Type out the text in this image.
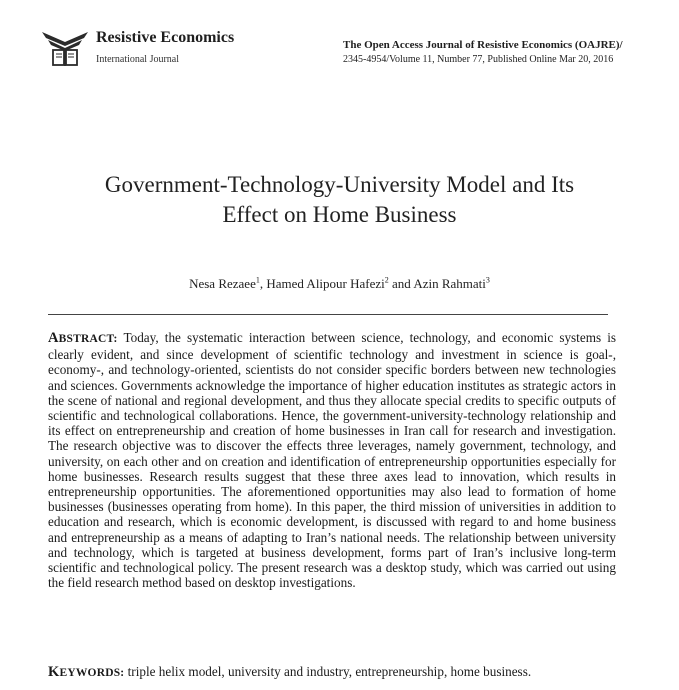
Resistive Economics
International Journal
The Open Access Journal of Resistive Economics (OAJRE)/
2345-4954/Volume 11, Number 77, Published Online Mar 20, 2016
Government-Technology-University Model and Its
Effect on Home Business
Nesa Rezaee$^1$, Hamed Alipour Hafezi$^2$ and Azin Rahmati$^3$
ABSTRACT: Today, the systematic interaction between science, technology, and economic systems is clearly evident, and since development of scientific technology and investment in science is goal-, economy-, and technology-oriented, scientists do not consider specific borders between new technologies and sciences. Governments acknowledge the importance of higher education institutes as strategic actors in the scene of national and regional development, and thus they allocate special credits to specific outputs of scientific and technological collaborations. Hence, the government-university-technology relationship and its effect on entrepreneurship and creation of home businesses in Iran call for research and investigation. The research objective was to discover the effects three leverages, namely government, technology, and university, on each other and on creation and identification of entrepreneurship opportunities especially for home businesses. Research results suggest that these three axes lead to innovation, which results in entrepreneurship opportunities. The aforementioned opportunities may also lead to formation of home businesses (businesses operating from home). In this paper, the third mission of universities in addition to education and research, which is economic development, is discussed with regard to and home business and entrepreneurship as a means of adapting to Iran’s national needs. The relationship between university and technology, which is targeted at business development, forms part of Iran’s inclusive long-term scientific and technological policy. The present research was a desktop study, which was carried out using the field research method based on desktop investigations.
KEYWORDS: triple helix model, university and industry, entrepreneurship, home business.
